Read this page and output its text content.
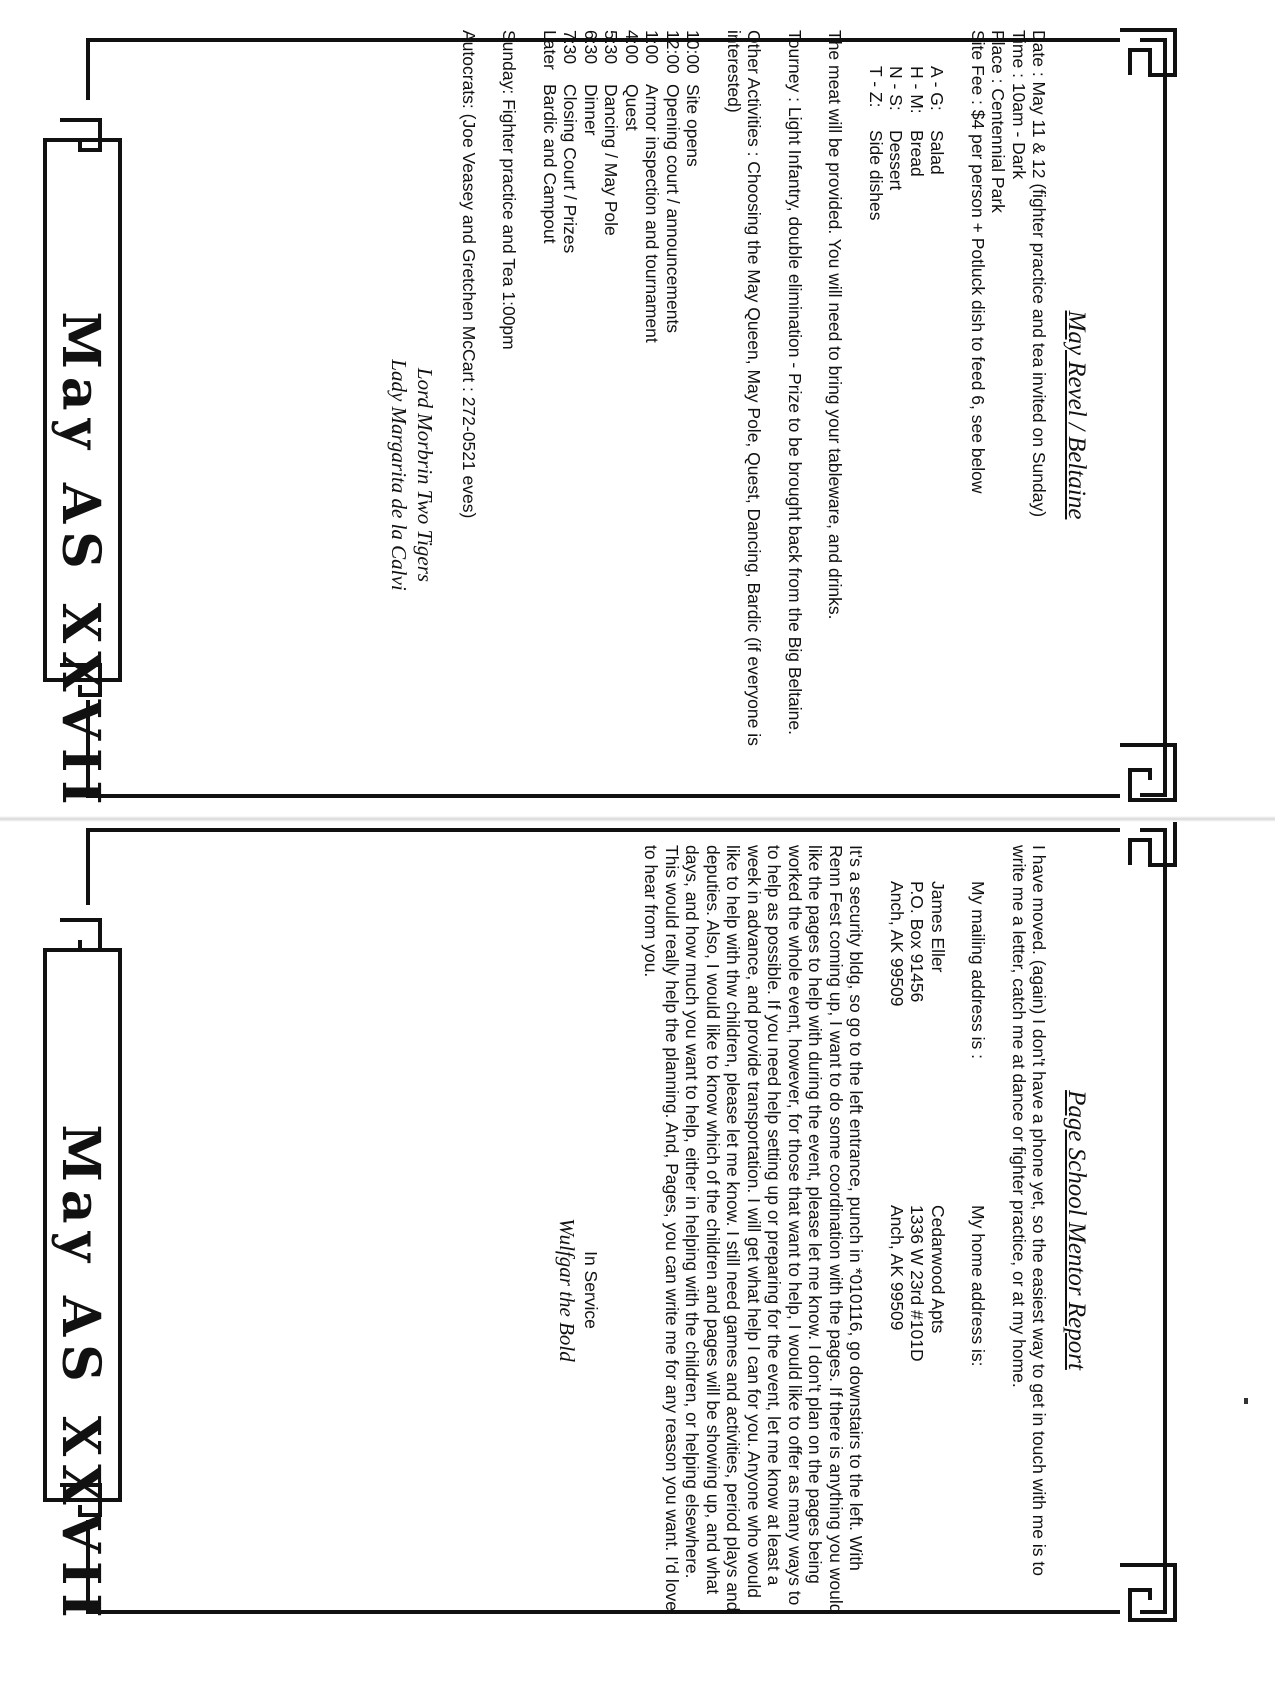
May AS XXVII
May AS XXVII
May Revel / Beltaine

Date : May 11 & 12 (fighter practice and tea invited on Sunday)

Time : 10am - Dark

Place : Centennial Park

Site Fee : $4 per person + Potluck dish to feed 6, see below

A - G:
Salad
H - M:
Bread
N - S:
Dessert
T - Z:
Side dishes

The meat will be provided. You will need to bring your tableware, and drinks.

Tourney : Light Infantry, double elimination - Prize to be brought back from the Big Beltaine.

Other Activities : Choosing the May Queen, May Pole, Quest, Dancing, Bardic (if everyone is interested)

10:00
Site opens
12:00
Opening court / announcements
1:00
Armor inspection and tournament
4:00
Quest
5:30
Dancing / May Pole
6:30
Dinner
7:30
Closing Court / Prizes
Later
Bardic and Campout

Sunday: Fighter practice and Tea 1:00pm

Autocrats: (Joe Veasey and Gretchen McCart : 272-0521 eves)

Lord Morbrin Two Tigers

Lady Margarita de la Calvi

Page School Mentor Report

I have moved. (again) I don't have a phone yet, so the easiest way to get in touch with me is to write me a letter, catch me at dance or fighter practice, or at my home.

My mailing address is :

James Eller

P.O. Box 91456

Anch, AK 99509

My home address is:

Cedarwood Apts

1336 W 23rd #101D

Anch, AK 99509

It's a security bldg, so go to the left entrance, punch in *010116, go downstairs to the left. With Renn Fest coming up, I want to do some coordination with the pages. If there is anything you would like the pages to help with during the event, please let me know. I don't plan on the pages being worked the whole event, however, for those that want to help, I would like to offer as many ways to to help as possible. If you need help setting up or preparing for the event, let me know at least a week in advance, and provide transportation. I will get what help I can for you. Anyone who would like to help with thw children, please let me know. I still need games and activities, period plays and deputies. Also, I would like to know which of the children and pages will be showing up, and what days, and how much you want to help, either in helping with the children, or helping elsewhere. This would really help the planning. And, Pages, you can write me for any reason you want. I'd love to hear from you.

In Service

Wulfgar the Bold
